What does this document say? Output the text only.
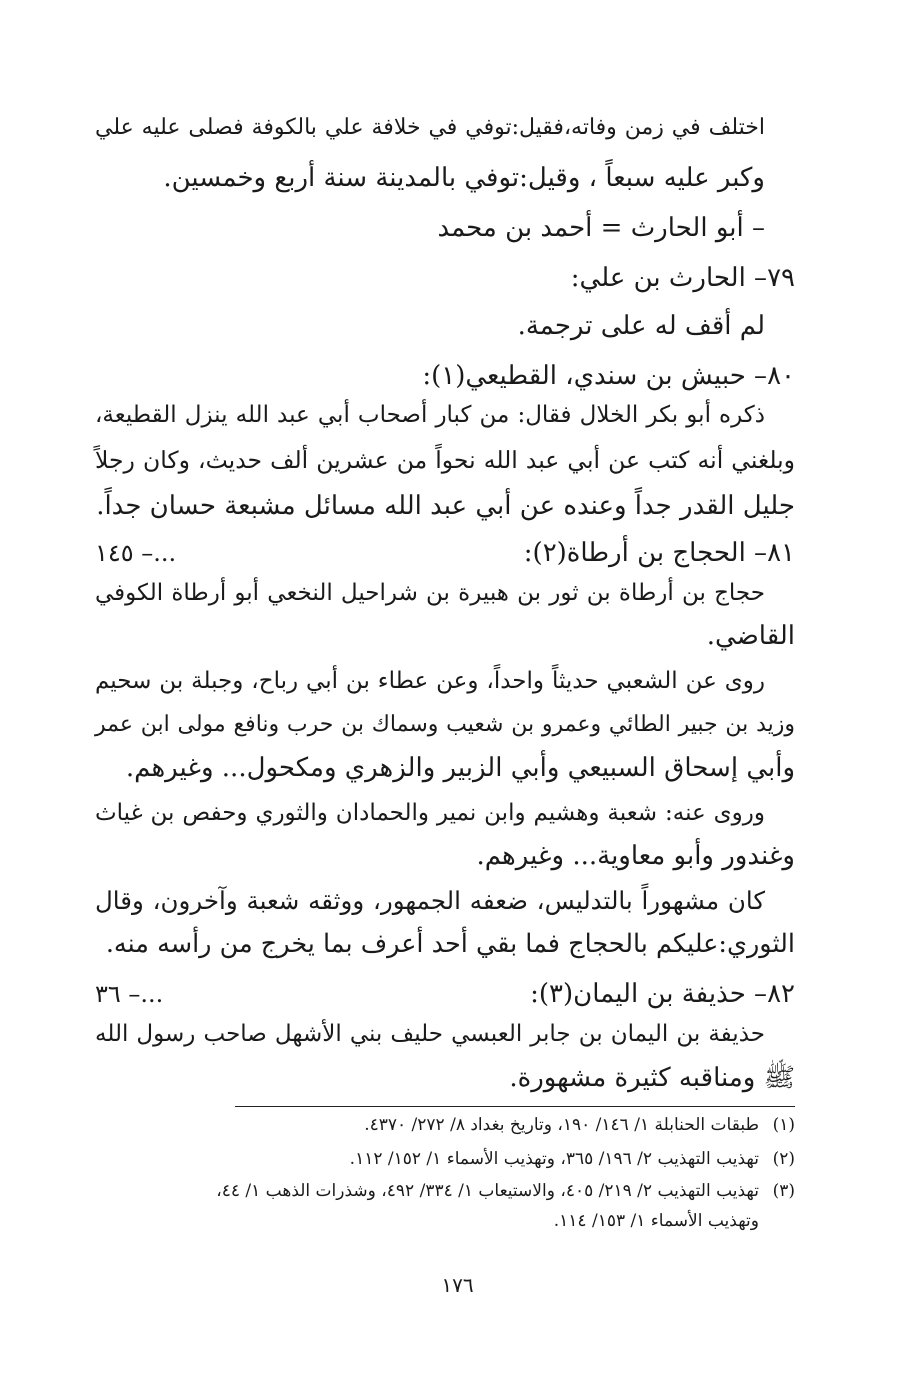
اختلف في زمن وفاته،فقيل:توفي في خلافة علي بالكوفة فصلى عليه علي
وكبر عليه سبعاً ، وقيل:توفي بالمدينة سنة أربع وخمسين.
– أبو الحارث = أحمد بن محمد
٧٩– الحارث بن علي:
لم أقف له على ترجمة.
٨٠– حبيش بن سندي، القطيعي(١):
ذكره أبو بكر الخلال فقال: من كبار أصحاب أبي عبد الله ينزل القطيعة،
وبلغني أنه كتب عن أبي عبد الله نحواً من عشرين ألف حديث، وكان رجلاً
جليل القدر جداً وعنده عن أبي عبد الله مسائل مشبعة حسان جداً.
٨١– الحجاج بن أرطاة(٢):
...– ١٤٥
حجاج بن أرطاة بن ثور بن هبيرة بن شراحيل النخعي أبو أرطاة الكوفي
القاضي.
روى عن الشعبي حديثاً واحداً، وعن عطاء بن أبي رباح، وجبلة بن سحيم
وزيد بن جبير الطائي وعمرو بن شعيب وسماك بن حرب ونافع مولى ابن عمر
وأبي إسحاق السبيعي وأبي الزبير والزهري ومكحول... وغيرهم.
وروى عنه: شعبة وهشيم وابن نمير والحمادان والثوري وحفص بن غياث
وغندور وأبو معاوية... وغيرهم.
كان مشهوراً بالتدليس، ضعفه الجمهور، ووثقه شعبة وآخرون، وقال
الثوري:عليكم بالحجاج فما بقي أحد أعرف بما يخرج من رأسه منه.
٨٢– حذيفة بن اليمان(٣):
...– ٣٦
حذيفة بن اليمان بن جابر العبسي حليف بني الأشهل صاحب رسول الله
ﷺ ومناقبه كثيرة مشهورة.
(١)طبقات الحنابلة ١/ ١٤٦/ ١٩٠، وتاريخ بغداد ٨/ ٢٧٢/ ٤٣٧٠.
(٢)تهذيب التهذيب ٢/ ١٩٦/ ٣٦٥، وتهذيب الأسماء ١/ ١٥٢/ ١١٢.
(٣)تهذيب التهذيب ٢/ ٢١٩/ ٤٠٥، والاستيعاب ١/ ٣٣٤/ ٤٩٢، وشذرات الذهب ١/ ٤٤،
وتهذيب الأسماء ١/ ١٥٣/ ١١٤.
١٧٦
